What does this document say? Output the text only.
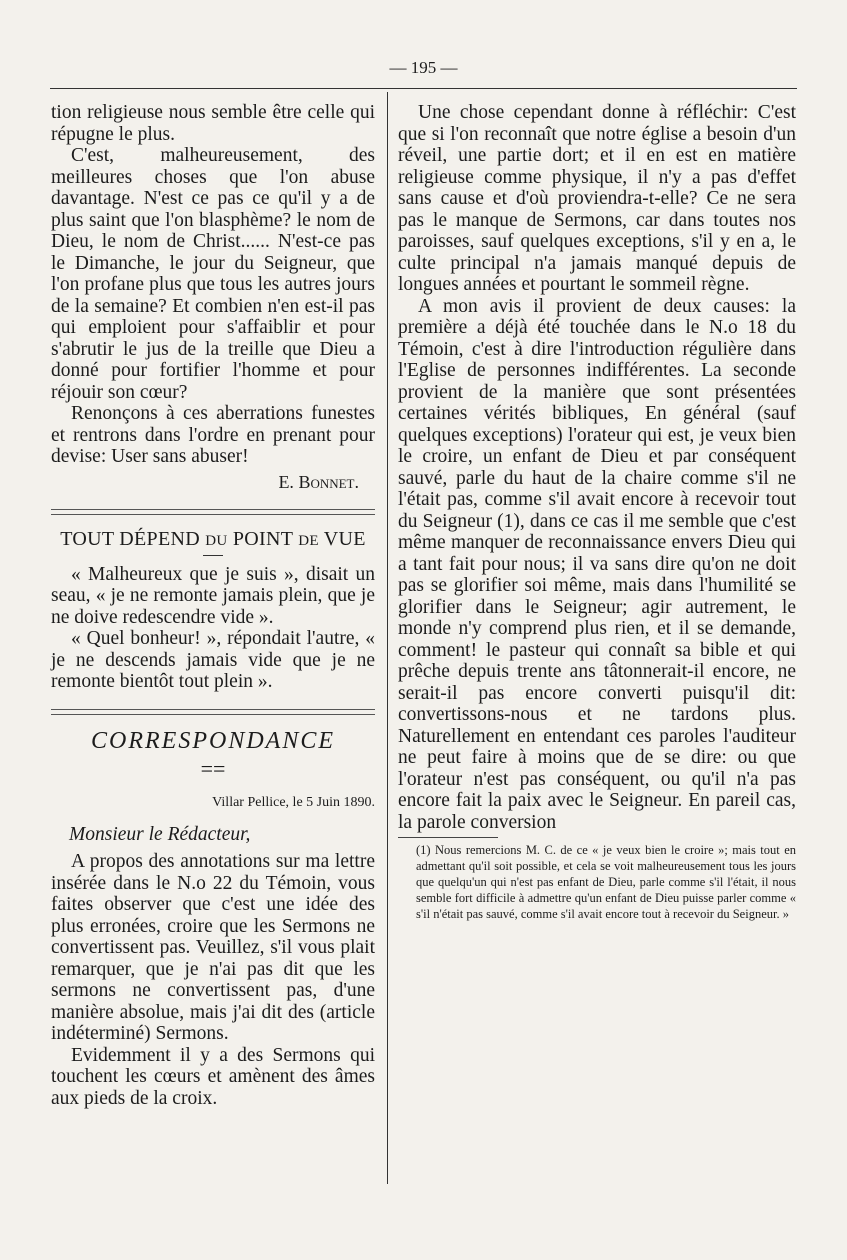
— 195 —

tion religieuse nous semble être celle qui répugne le plus.

C'est, malheureusement, des meilleures choses que l'on abuse davantage. N'est ce pas ce qu'il y a de plus saint que l'on blasphème? le nom de Dieu, le nom de Christ...... N'est-ce pas le Dimanche, le jour du Seigneur, que l'on profane plus que tous les autres jours de la semaine? Et combien n'en est-il pas qui emploient pour s'affaiblir et pour s'abrutir le jus de la treille que Dieu a donné pour fortifier l'homme et pour réjouir son cœur?

Renonçons à ces aberrations funestes et rentrons dans l'ordre en prenant pour devise: User sans abuser!

E. Bonnet.
TOUT DÉPEND DU POINT DE VUE

« Malheureux que je suis », disait un seau, « je ne remonte jamais plein, que je ne doive redescendre vide ».

« Quel bonheur! », répondait l'autre, « je ne descends jamais vide que je ne remonte bientôt tout plein ».

CORRESPONDANCE
==
Villar Pellice, le 5 Juin 1890.
Monsieur le Rédacteur,

A propos des annotations sur ma lettre insérée dans le N.o 22 du Témoin, vous faites observer que c'est une idée des plus erronées, croire que les Sermons ne convertissent pas. Veuillez, s'il vous plait remarquer, que je n'ai pas dit que les sermons ne convertissent pas, d'une manière absolue, mais j'ai dit des (article indéterminé) Sermons.

Evidemment il y a des Sermons qui touchent les cœurs et amènent des âmes aux pieds de la croix.

Une chose cependant donne à réfléchir: C'est que si l'on reconnaît que notre église a besoin d'un réveil, une partie dort; et il en est en matière religieuse comme physique, il n'y a pas d'effet sans cause et d'où proviendra-t-elle? Ce ne sera pas le manque de Sermons, car dans toutes nos paroisses, sauf quelques exceptions, s'il y en a, le culte principal n'a jamais manqué depuis de longues années et pourtant le sommeil règne.

A mon avis il provient de deux causes: la première a déjà été touchée dans le N.o 18 du Témoin, c'est à dire l'introduction régulière dans l'Eglise de personnes indifférentes. La seconde provient de la manière que sont présentées certaines vérités bibliques, En général (sauf quelques exceptions) l'orateur qui est, je veux bien le croire, un enfant de Dieu et par conséquent sauvé, parle du haut de la chaire comme s'il ne l'était pas, comme s'il avait encore à recevoir tout du Seigneur (1), dans ce cas il me semble que c'est même manquer de reconnaissance envers Dieu qui a tant fait pour nous; il va sans dire qu'on ne doit pas se glorifier soi même, mais dans l'humilité se glorifier dans le Seigneur; agir autrement, le monde n'y comprend plus rien, et il se demande, comment! le pasteur qui connaît sa bible et qui prêche depuis trente ans tâtonnerait-il encore, ne serait-il pas encore converti puisqu'il dit: convertissons-nous et ne tardons plus. Naturellement en entendant ces paroles l'auditeur ne peut faire à moins que de se dire: ou que l'orateur n'est pas conséquent, ou qu'il n'a pas encore fait la paix avec le Seigneur. En pareil cas, la parole conversion

(1) Nous remercions M. C. de ce « je veux bien le croire »; mais tout en admettant qu'il soit possible, et cela se voit malheureusement tous les jours que quelqu'un qui n'est pas enfant de Dieu, parle comme s'il l'était, il nous semble fort difficile à admettre qu'un enfant de Dieu puisse parler comme « s'il n'était pas sauvé, comme s'il avait encore tout à recevoir du Seigneur. »
